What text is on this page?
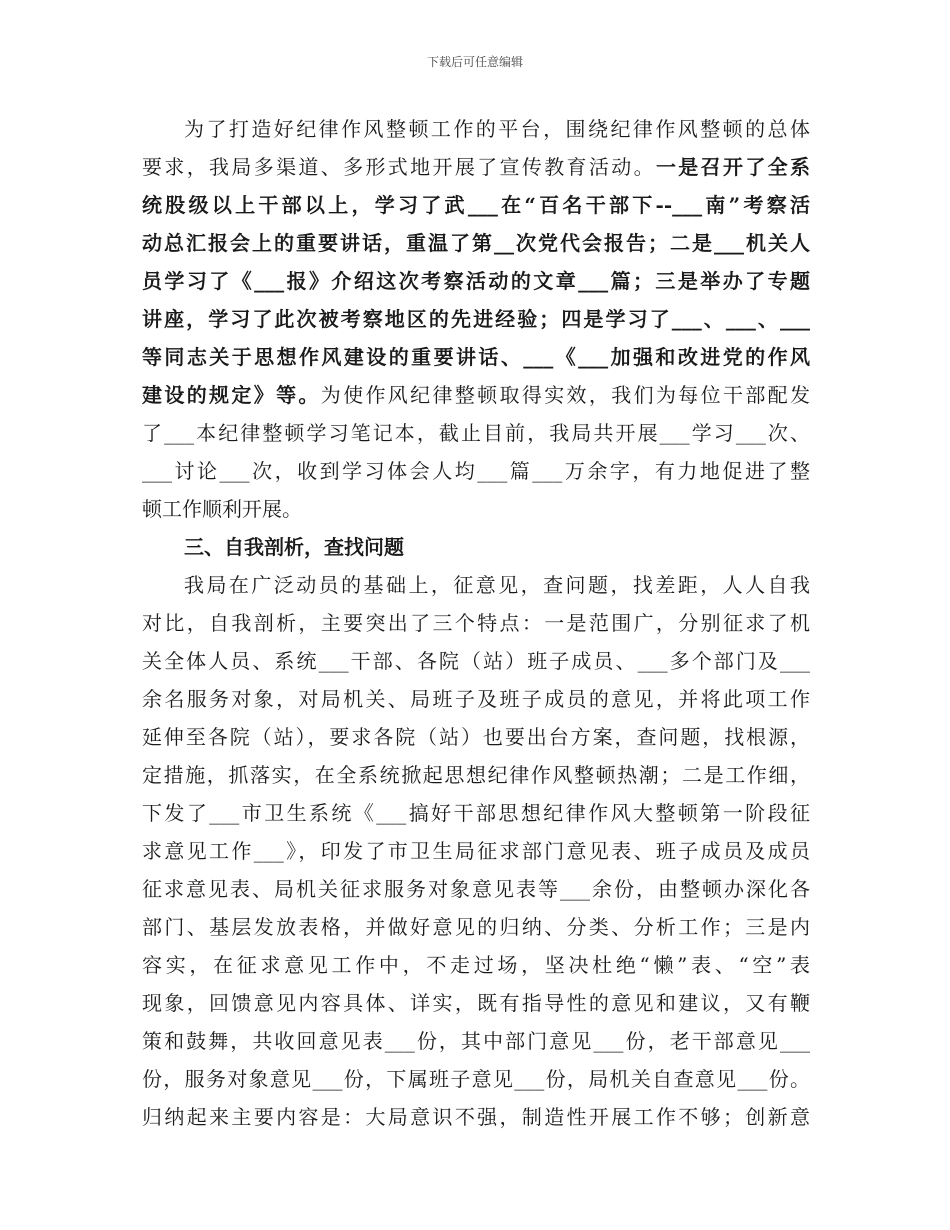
下载后可任意编辑
为了打造好纪律作风整顿工作的平台，围绕纪律作风整顿的总体
要求，我局多渠道、多形式地开展了宣传教育活动。一是召开了全系
统股级以上干部以上，学习了武___在“百名干部下--___南”考察活
动总汇报会上的重要讲话，重温了第__次党代会报告；二是___机关人
员学习了《___报》介绍这次考察活动的文章___篇；三是举办了专题
讲座，学习了此次被考察地区的先进经验；四是学习了___、___、___
等同志关于思想作风建设的重要讲话、___《___加强和改进党的作风
建设的规定》等。为使作风纪律整顿取得实效，我们为每位干部配发
了___本纪律整顿学习笔记本，截止目前，我局共开展___学习___次、
___讨论___次，收到学习体会人均___篇___万余字，有力地促进了整
顿工作顺利开展。
三、自我剖析，查找问题
我局在广泛动员的基础上，征意见，查问题，找差距，人人自我
对比，自我剖析，主要突出了三个特点：一是范围广，分别征求了机
关全体人员、系统___干部、各院（站）班子成员、___多个部门及___
余名服务对象，对局机关、局班子及班子成员的意见，并将此项工作
延伸至各院（站），要求各院（站）也要出台方案，查问题，找根源，
定措施，抓落实，在全系统掀起思想纪律作风整顿热潮；二是工作细，
下发了___市卫生系统《___搞好干部思想纪律作风大整顿第一阶段征
求意见工作___》，印发了市卫生局征求部门意见表、班子成员及成员
征求意见表、局机关征求服务对象意见表等___余份，由整顿办深化各
部门、基层发放表格，并做好意见的归纳、分类、分析工作；三是内
容实，在征求意见工作中，不走过场，坚决杜绝“懒”表、“空”表
现象，回馈意见内容具体、详实，既有指导性的意见和建议，又有鞭
策和鼓舞，共收回意见表___份，其中部门意见___份，老干部意见___
份，服务对象意见___份，下属班子意见___份，局机关自查意见___份。
归纳起来主要内容是：大局意识不强，制造性开展工作不够；创新意
